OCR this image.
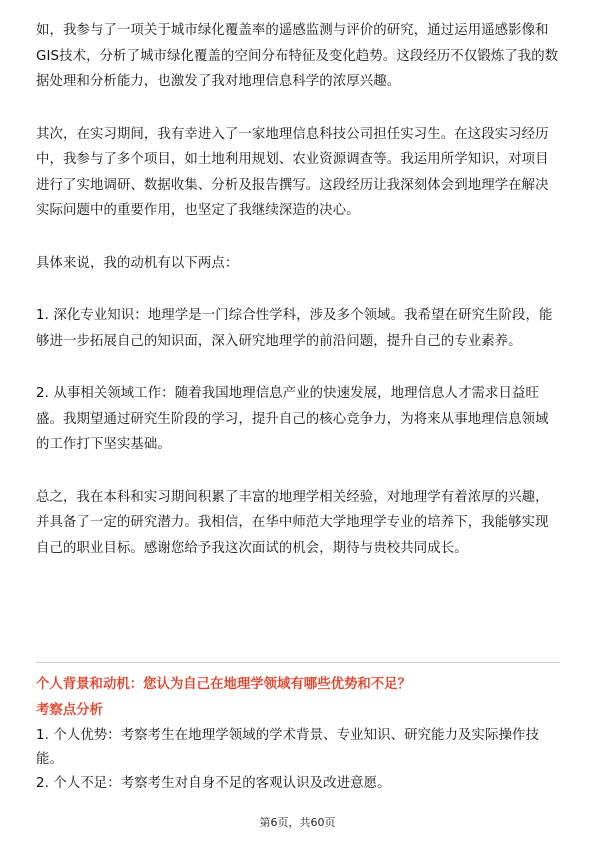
如，我参与了一项关于城市绿化覆盖率的遥感监测与评价的研究，通过运用遥感影像和GIS技术，分析了城市绿化覆盖的空间分布特征及变化趋势。这段经历不仅锻炼了我的数据处理和分析能力，也激发了我对地理信息科学的浓厚兴趣。

其次，在实习期间，我有幸进入了一家地理信息科技公司担任实习生。在这段实习经历中，我参与了多个项目，如土地利用规划、农业资源调查等。我运用所学知识，对项目进行了实地调研、数据收集、分析及报告撰写。这段经历让我深刻体会到地理学在解决实际问题中的重要作用，也坚定了我继续深造的决心。

具体来说，我的动机有以下两点：

1. 深化专业知识：地理学是一门综合性学科，涉及多个领域。我希望在研究生阶段，能够进一步拓展自己的知识面，深入研究地理学的前沿问题，提升自己的专业素养。

2. 从事相关领域工作：随着我国地理信息产业的快速发展，地理信息人才需求日益旺盛。我期望通过研究生阶段的学习，提升自己的核心竞争力，为将来从事地理信息领域的工作打下坚实基础。

总之，我在本科和实习期间积累了丰富的地理学相关经验，对地理学有着浓厚的兴趣，并具备了一定的研究潜力。我相信，在华中师范大学地理学专业的培养下，我能够实现自己的职业目标。感谢您给予我这次面试的机会，期待与贵校共同成长。

个人背景和动机：您认为自己在地理学领域有哪些优势和不足？

考察点分析

1. 个人优势：考察考生在地理学领域的学术背景、专业知识、研究能力及实际操作技能。

2. 个人不足：考察考生对自身不足的客观认识及改进意愿。

第6页，共60页
